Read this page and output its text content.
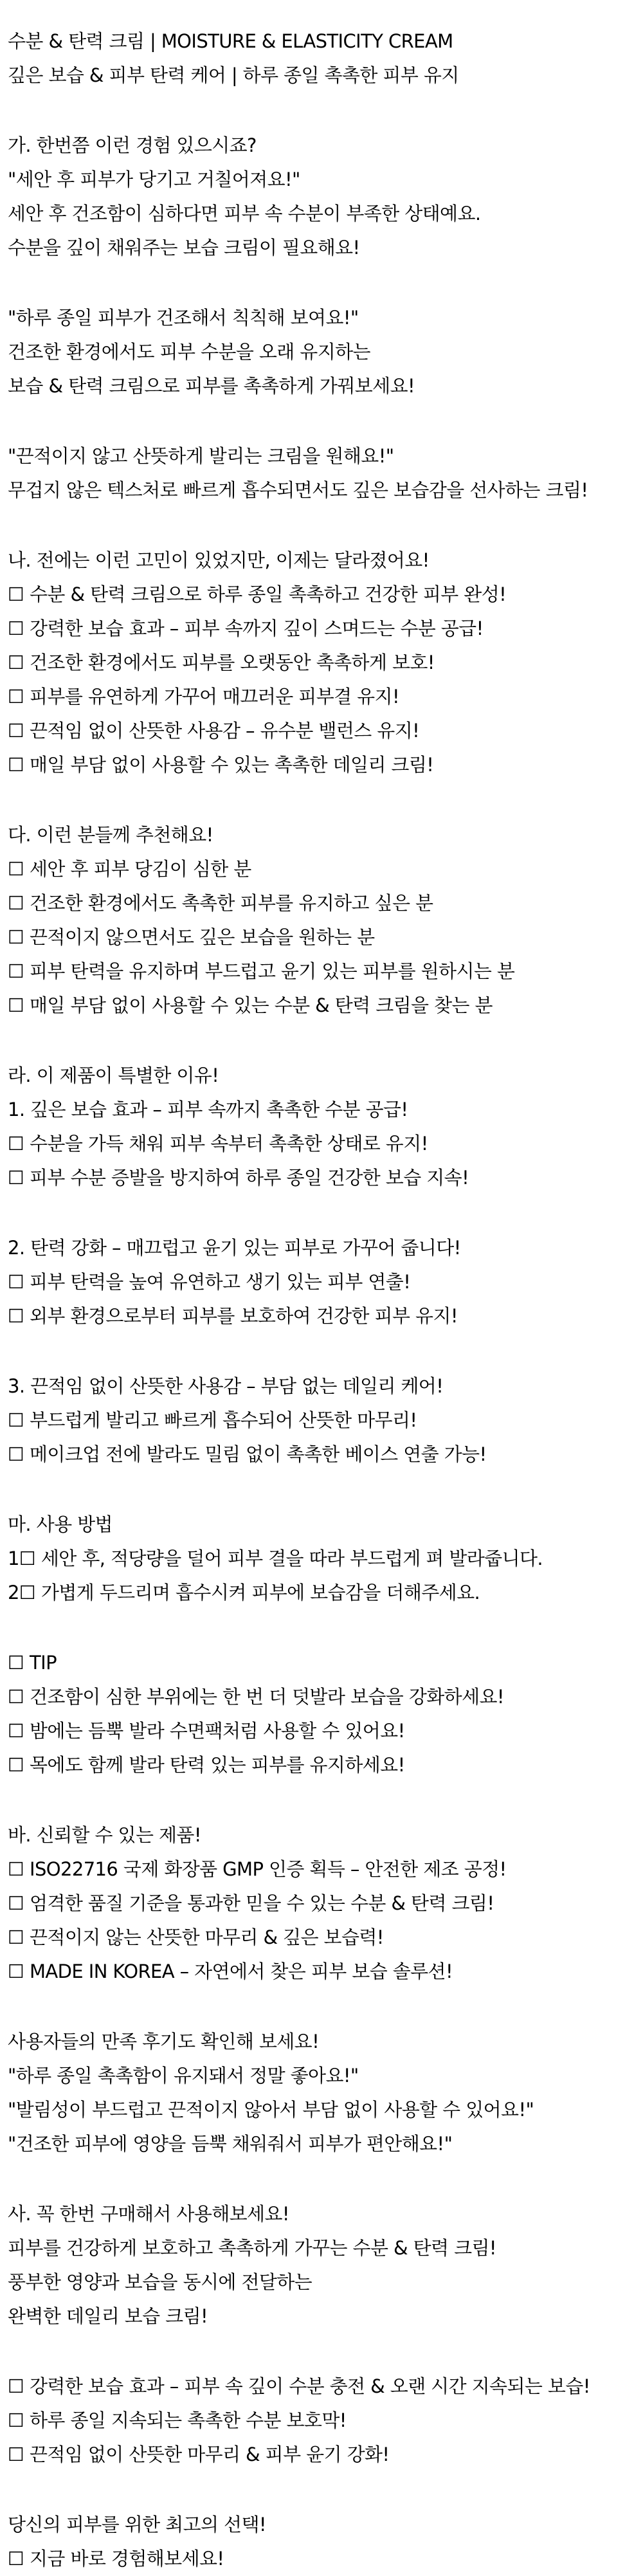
수분 & 탄력 크림 | MOISTURE & ELASTICITY CREAM
깊은 보습 & 피부 탄력 케어 | 하루 종일 촉촉한 피부 유지
가. 한번쯤 이런 경험 있으시죠?
"세안 후 피부가 당기고 거칠어져요!"
세안 후 건조함이 심하다면 피부 속 수분이 부족한 상태예요.
수분을 깊이 채워주는 보습 크림이 필요해요!
"하루 종일 피부가 건조해서 칙칙해 보여요!"
건조한 환경에서도 피부 수분을 오래 유지하는
보습 & 탄력 크림으로 피부를 촉촉하게 가꿔보세요!
"끈적이지 않고 산뜻하게 발리는 크림을 원해요!"
무겁지 않은 텍스처로 빠르게 흡수되면서도 깊은 보습감을 선사하는 크림!
나. 전에는 이런 고민이 있었지만, 이제는 달라졌어요!
☐ 수분 & 탄력 크림으로 하루 종일 촉촉하고 건강한 피부 완성!
☐ 강력한 보습 효과 – 피부 속까지 깊이 스며드는 수분 공급!
☐ 건조한 환경에서도 피부를 오랫동안 촉촉하게 보호!
☐ 피부를 유연하게 가꾸어 매끄러운 피부결 유지!
☐ 끈적임 없이 산뜻한 사용감 – 유수분 밸런스 유지!
☐ 매일 부담 없이 사용할 수 있는 촉촉한 데일리 크림!
다. 이런 분들께 추천해요!
☐ 세안 후 피부 당김이 심한 분
☐ 건조한 환경에서도 촉촉한 피부를 유지하고 싶은 분
☐ 끈적이지 않으면서도 깊은 보습을 원하는 분
☐ 피부 탄력을 유지하며 부드럽고 윤기 있는 피부를 원하시는 분
☐ 매일 부담 없이 사용할 수 있는 수분 & 탄력 크림을 찾는 분
라. 이 제품이 특별한 이유!
1. 깊은 보습 효과 – 피부 속까지 촉촉한 수분 공급!
☐ 수분을 가득 채워 피부 속부터 촉촉한 상태로 유지!
☐ 피부 수분 증발을 방지하여 하루 종일 건강한 보습 지속!
2. 탄력 강화 – 매끄럽고 윤기 있는 피부로 가꾸어 줍니다!
☐ 피부 탄력을 높여 유연하고 생기 있는 피부 연출!
☐ 외부 환경으로부터 피부를 보호하여 건강한 피부 유지!
3. 끈적임 없이 산뜻한 사용감 – 부담 없는 데일리 케어!
☐ 부드럽게 발리고 빠르게 흡수되어 산뜻한 마무리!
☐ 메이크업 전에 발라도 밀림 없이 촉촉한 베이스 연출 가능!
마. 사용 방법
1☐ 세안 후, 적당량을 덜어 피부 결을 따라 부드럽게 펴 발라줍니다.
2☐ 가볍게 두드리며 흡수시켜 피부에 보습감을 더해주세요.
☐ TIP
☐ 건조함이 심한 부위에는 한 번 더 덧발라 보습을 강화하세요!
☐ 밤에는 듬뿍 발라 수면팩처럼 사용할 수 있어요!
☐ 목에도 함께 발라 탄력 있는 피부를 유지하세요!
바. 신뢰할 수 있는 제품!
☐ ISO22716 국제 화장품 GMP 인증 획득 – 안전한 제조 공정!
☐ 엄격한 품질 기준을 통과한 믿을 수 있는 수분 & 탄력 크림!
☐ 끈적이지 않는 산뜻한 마무리 & 깊은 보습력!
☐ MADE IN KOREA – 자연에서 찾은 피부 보습 솔루션!
사용자들의 만족 후기도 확인해 보세요!
"하루 종일 촉촉함이 유지돼서 정말 좋아요!"
"발림성이 부드럽고 끈적이지 않아서 부담 없이 사용할 수 있어요!"
"건조한 피부에 영양을 듬뿍 채워줘서 피부가 편안해요!"
사. 꼭 한번 구매해서 사용해보세요!
피부를 건강하게 보호하고 촉촉하게 가꾸는 수분 & 탄력 크림!
풍부한 영양과 보습을 동시에 전달하는
완벽한 데일리 보습 크림!
☐ 강력한 보습 효과 – 피부 속 깊이 수분 충전 & 오랜 시간 지속되는 보습!
☐ 하루 종일 지속되는 촉촉한 수분 보호막!
☐ 끈적임 없이 산뜻한 마무리 & 피부 윤기 강화!
당신의 피부를 위한 최고의 선택!
☐ 지금 바로 경험해보세요!
